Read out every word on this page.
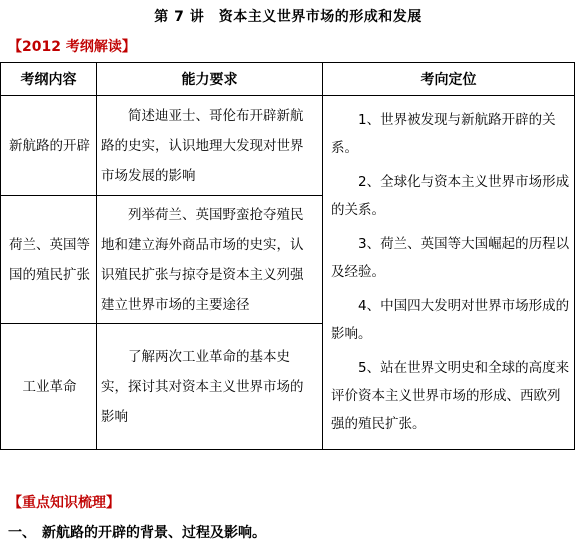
第 7 讲　资本主义世界市场的形成和发展
【2012 考纲解读】
考纲内容	能力要求	考向定位
新航路的开辟	简述迪亚士、哥伦布开辟新航路的史实，认识地理大发现对世界市场发展的影响	1、世界被发现与新航路开辟的关系。
2、全球化与资本主义世界市场形成的关系。
3、荷兰、英国等大国崛起的历程以及经验。
4、中国四大发明对世界市场形成的影响。
5、站在世界文明史和全球的高度来评价资本主义世界市场的形成、西欧列强的殖民扩张。

荷兰、英国等国的殖民扩张	列举荷兰、英国野蛮抢夺殖民地和建立海外商品市场的史实，认识殖民扩张与掠夺是资本主义列强建立世界市场的主要途径	
工业革命	了解两次工业革命的基本史实，探讨其对资本主义世界市场的影响	
【重点知识梳理】
一、 新航路的开辟的背景、过程及影响。
